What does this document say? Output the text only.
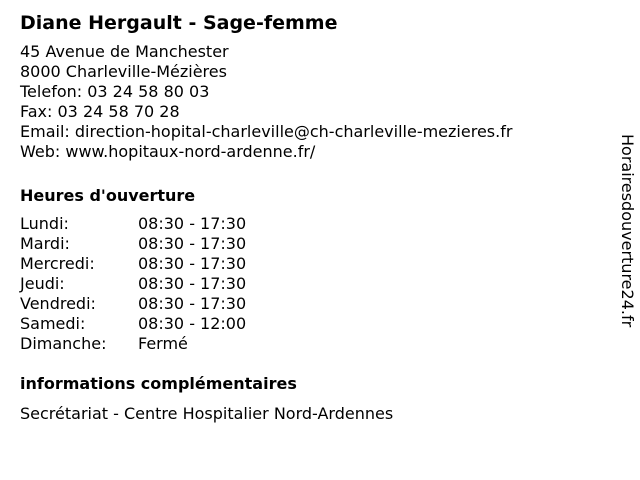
Diane Hergault - Sage-femme
45 Avenue de Manchester
8000 Charleville-Mézières
Telefon: 03 24 58 80 03
Fax: 03 24 58 70 28
Email: direction-hopital-charleville@ch-charleville-mezieres.fr
Web: www.hopitaux-nord-ardenne.fr/
Heures d'ouverture
Lundi:	08:30 - 17:30
Mardi:	08:30 - 17:30
Mercredi:	08:30 - 17:30
Jeudi:	08:30 - 17:30
Vendredi:	08:30 - 17:30
Samedi:	08:30 - 12:00
Dimanche:	Fermé
informations complémentaires
Secrétariat - Centre Hospitalier Nord-Ardennes
Horairesdouverture24.fr
